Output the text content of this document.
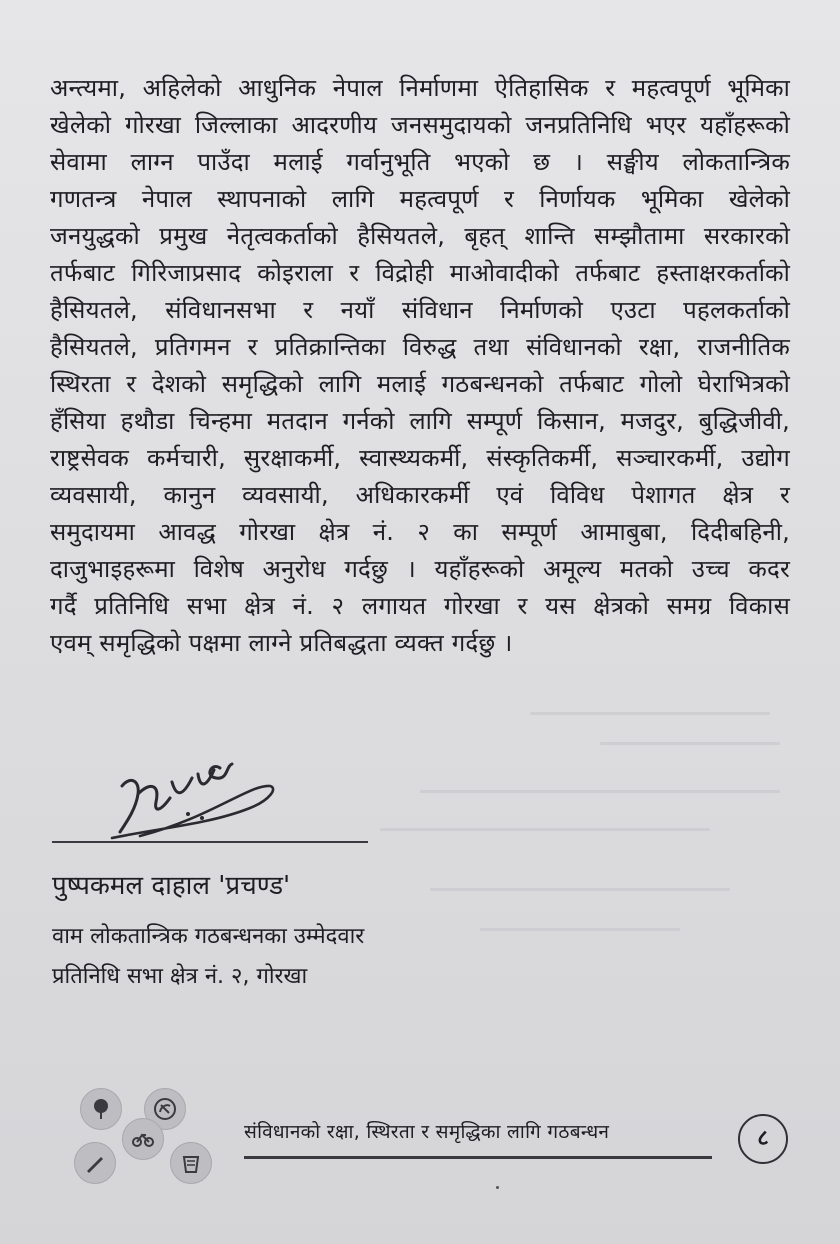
अन्त्यमा, अहिलेको आधुनिक नेपाल निर्माणमा ऐतिहासिक र महत्वपूर्ण भूमिका
खेलेको गोरखा जिल्लाका आदरणीय जनसमुदायको जनप्रतिनिधि भएर यहाँहरूको
सेवामा लाग्न पाउँदा मलाई गर्वानुभूति भएको छ । सङ्घीय लोकतान्त्रिक
गणतन्त्र नेपाल स्थापनाको लागि महत्वपूर्ण र निर्णायक भूमिका खेलेको
जनयुद्धको प्रमुख नेतृत्वकर्ताको हैसियतले, बृहत् शान्ति सम्झौतामा सरकारको
तर्फबाट गिरिजाप्रसाद कोइराला र विद्रोही माओवादीको तर्फबाट हस्ताक्षरकर्ताको
हैसियतले, संविधानसभा र नयाँ संविधान निर्माणको एउटा पहलकर्ताको
हैसियतले, प्रतिगमन र प्रतिक्रान्तिका विरुद्ध तथा संविधानको रक्षा, राजनीतिक
स्थिरता र देशको समृद्धिको लागि मलाई गठबन्धनको तर्फबाट गोलो घेराभित्रको
हँसिया हथौडा चिन्हमा मतदान गर्नको लागि सम्पूर्ण किसान, मजदुर, बुद्धिजीवी,
राष्ट्रसेवक कर्मचारी, सुरक्षाकर्मी, स्वास्थ्यकर्मी, संस्कृतिकर्मी, सञ्चारकर्मी, उद्योग
व्यवसायी, कानुन व्यवसायी, अधिकारकर्मी एवं विविध पेशागत क्षेत्र र
समुदायमा आवद्ध गोरखा क्षेत्र नं. २ का सम्पूर्ण आमाबुबा, दिदीबहिनी,
दाजुभाइहरूमा विशेष अनुरोध गर्दछु । यहाँहरूको अमूल्य मतको उच्च कदर
गर्दै प्रतिनिधि सभा क्षेत्र नं. २ लगायत गोरखा र यस क्षेत्रको समग्र विकास
एवम् समृद्धिको पक्षमा लाग्ने प्रतिबद्धता व्यक्त गर्दछु ।
पुष्पकमल दाहाल 'प्रचण्ड'
वाम लोकतान्त्रिक गठबन्धनका उम्मेदवार
प्रतिनिधि सभा क्षेत्र नं. २, गोरखा
संविधानको रक्षा, स्थिरता र समृद्धिका लागि गठबन्धन	८
